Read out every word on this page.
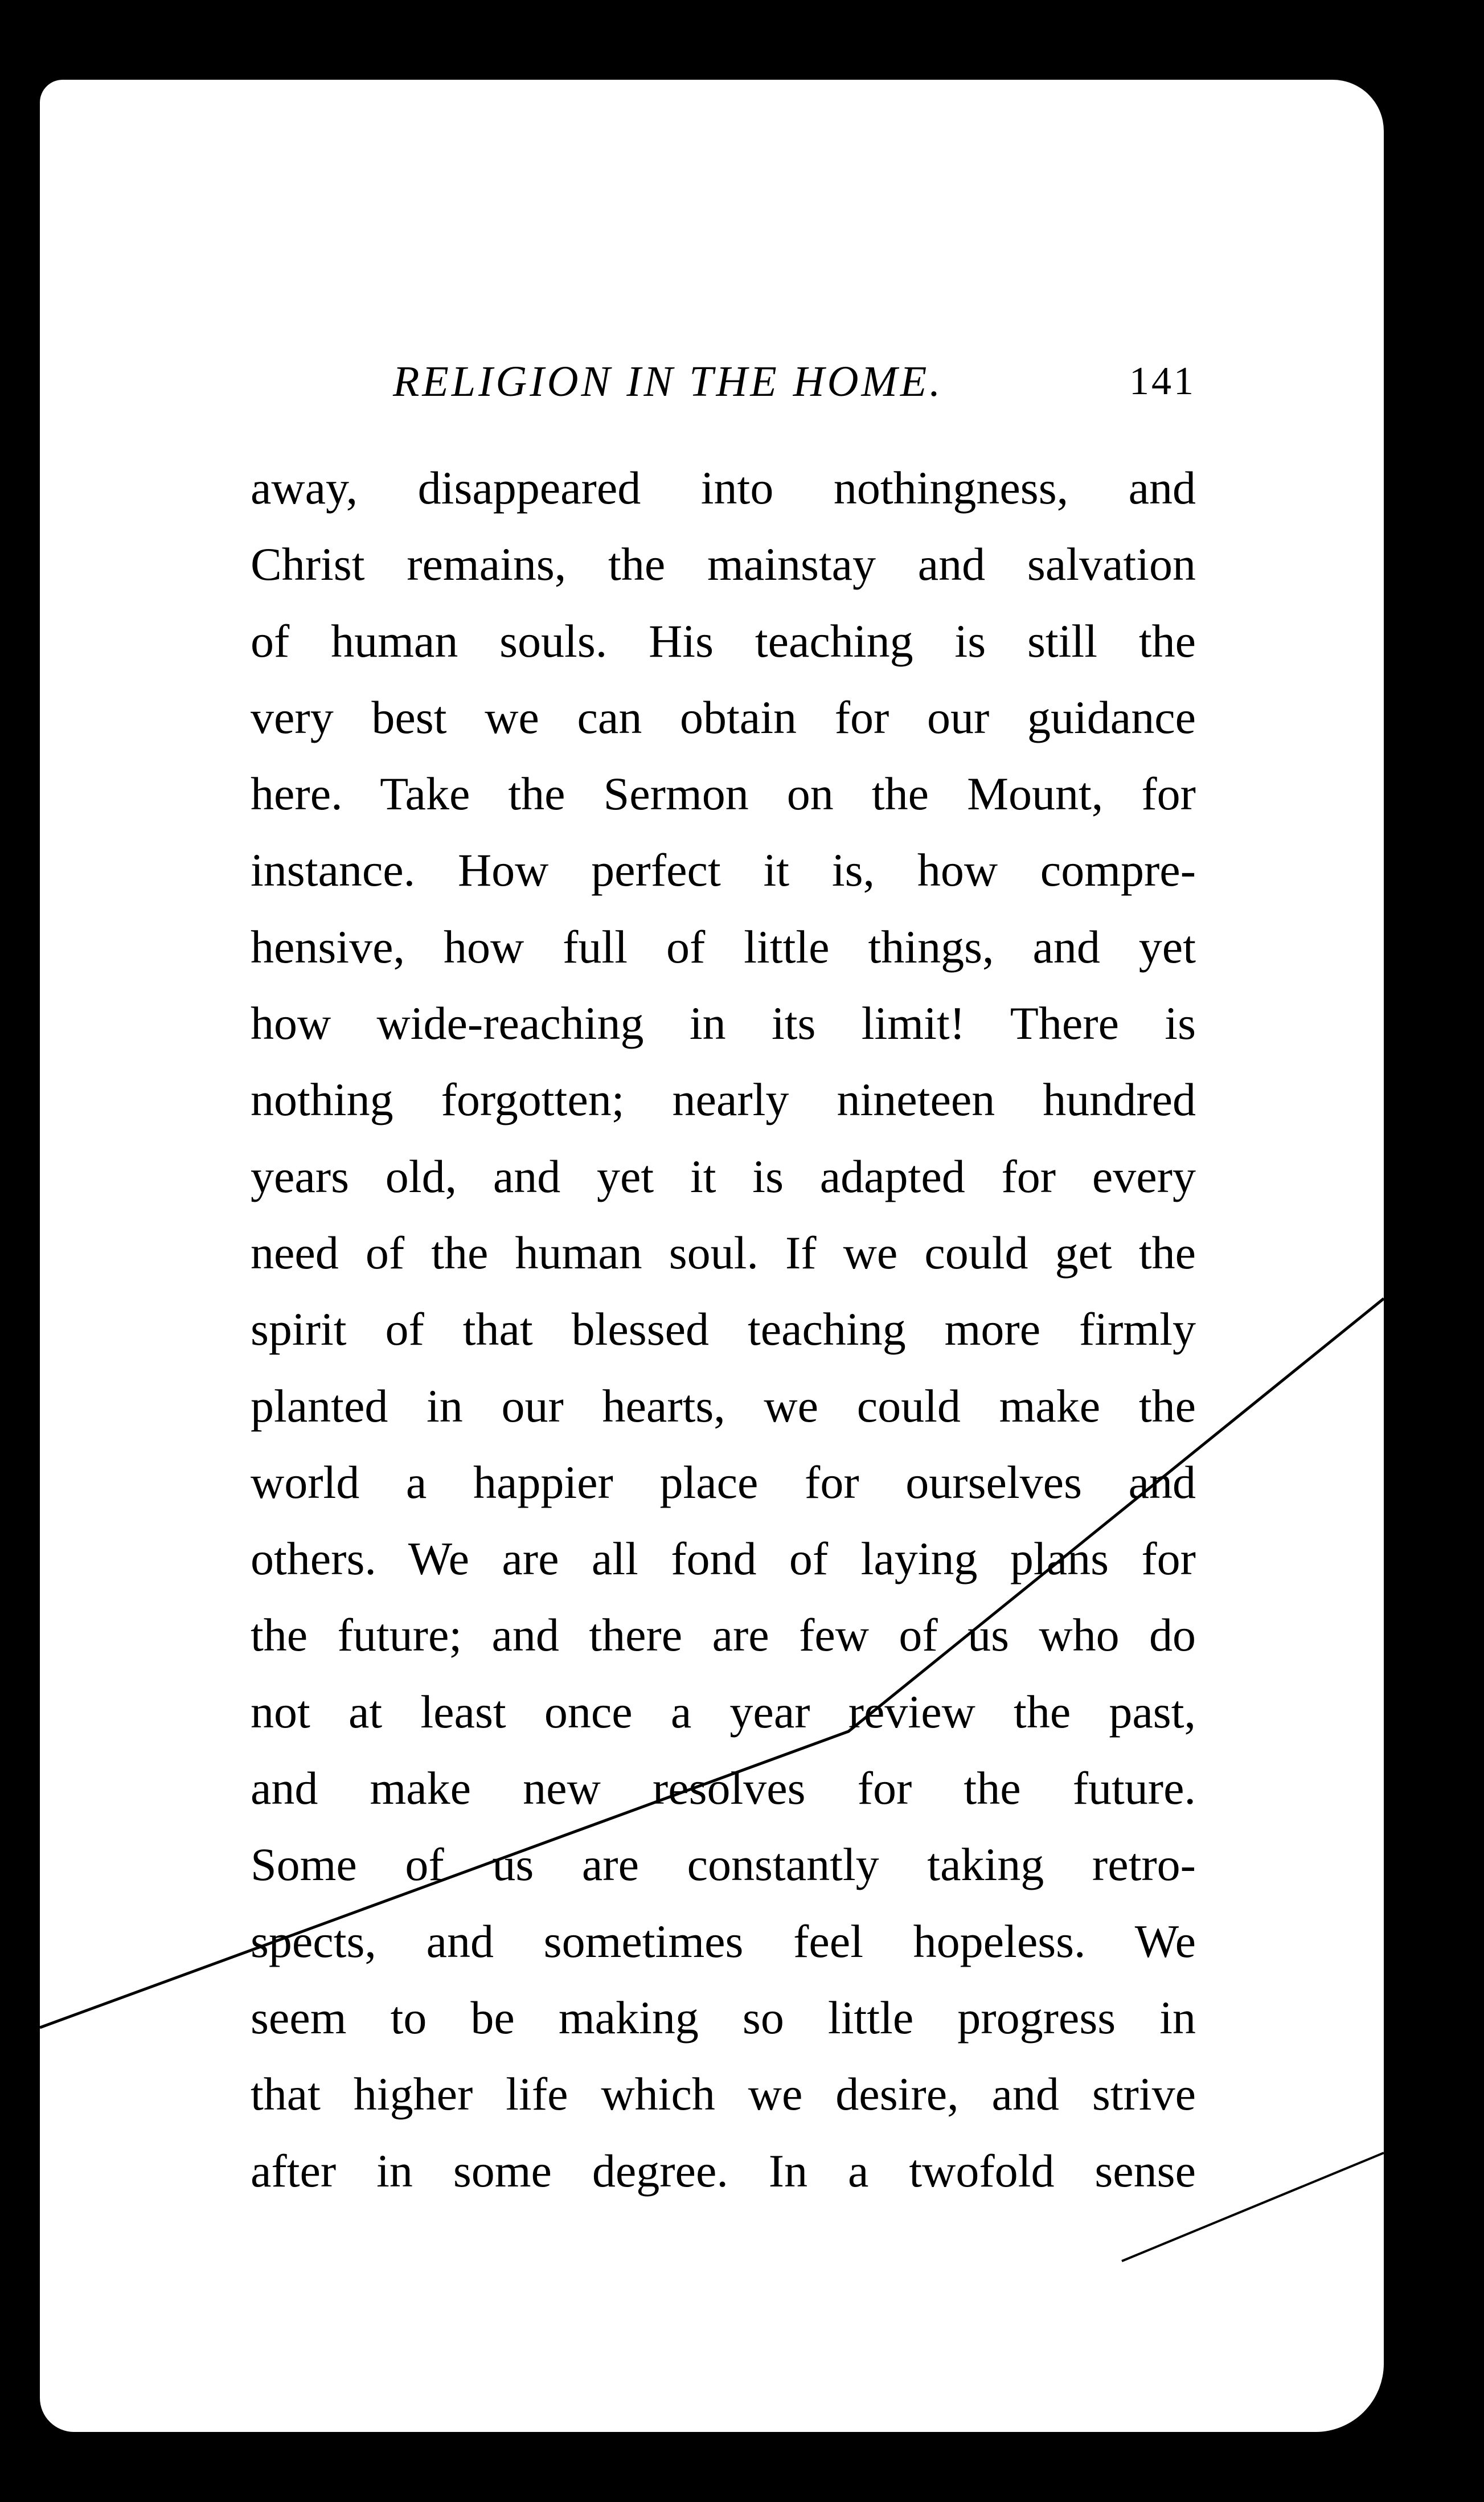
RELIGION IN THE HOME.	141
away, disappeared into nothingness, and
Christ remains, the mainstay and salvation
of human souls. His teaching is still the
very best we can obtain for our guidance
here. Take the Sermon on the Mount, for
instance. How perfect it is, how compre-
hensive, how full of little things, and yet
how wide-reaching in its limit! There is
nothing forgotten; nearly nineteen hundred
years old, and yet it is adapted for every
need of the human soul. If we could get the
spirit of that blessed teaching more firmly
planted in our hearts, we could make the
world a happier place for ourselves and
others. We are all fond of laying plans for
the future; and there are few of us who do
not at least once a year review the past,
and make new resolves for the future.
Some of us are constantly taking retro-
spects, and sometimes feel hopeless. We
seem to be making so little progress in
that higher life which we desire, and strive
after in some degree. In a twofold sense
